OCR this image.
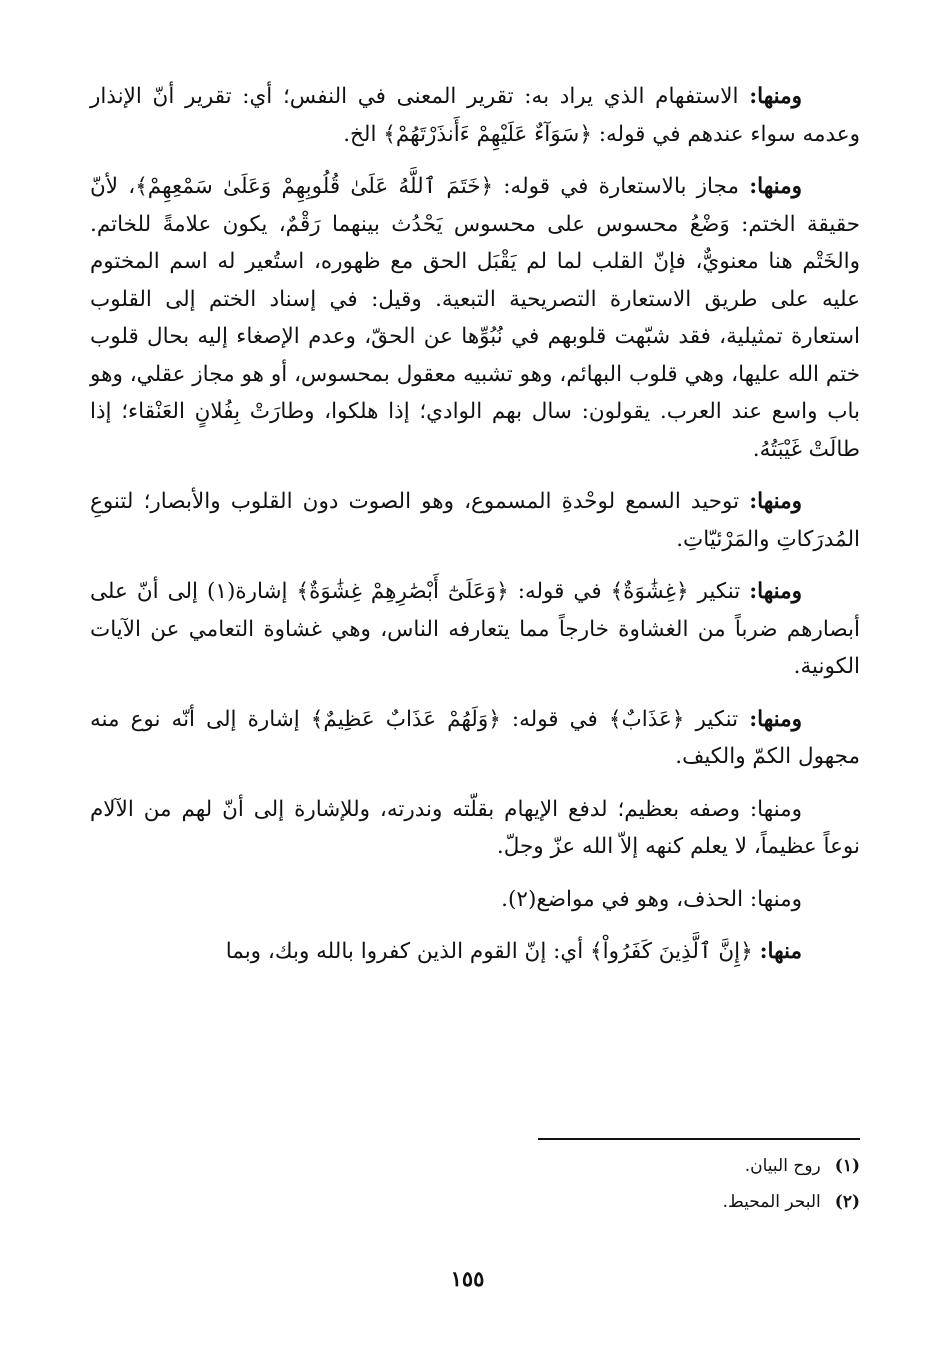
ومنها: الاستفهام الذي يراد به: تقرير المعنى في النفس؛ أي: تقرير أنّ الإنذار وعدمه سواء عندهم في قوله: ﴿سَوَآءٌ عَلَيْهِمْ ءَأَنذَرْتَهُمْ﴾ الخ.

ومنها: مجاز بالاستعارة في قوله: ﴿خَتَمَ ٱللَّهُ عَلَىٰ قُلُوبِهِمْ وَعَلَىٰ سَمْعِهِمْ﴾، لأنّ حقيقة الختم: وَضْعُ محسوس على محسوس يَحْدُث بينهما رَقْمٌ، يكون علامةً للخاتم. والخَتْم هنا معنويٌّ، فإنّ القلب لما لم يَقْبَل الحق مع ظهوره، استُعير له اسم المختوم عليه على طريق الاستعارة التصريحية التبعية. وقيل: في إسناد الختم إلى القلوب استعارة تمثيلية، فقد شبّهت قلوبهم في نُبُوِّها عن الحقّ، وعدم الإصغاء إليه بحال قلوب ختم الله عليها، وهي قلوب البهائم، وهو تشبيه معقول بمحسوس، أو هو مجاز عقلي، وهو باب واسع عند العرب. يقولون: سال بهم الوادي؛ إذا هلكوا، وطارَتْ بِفُلانٍ العَنْقاء؛ إذا طالَتْ غَيْبَتُهُ.

ومنها: توحيد السمع لوحْدةِ المسموع، وهو الصوت دون القلوب والأبصار؛ لتنوعِ المُدرَكاتِ والمَرْئيّاتِ.

ومنها: تنكير ﴿غِشَٰوَةٌ﴾ في قوله: ﴿وَعَلَىٰٓ أَبْصَٰرِهِمْ غِشَٰوَةٌ﴾ إشارة(١) إلى أنّ على أبصارهم ضرباً من الغشاوة خارجاً مما يتعارفه الناس، وهي غشاوة التعامي عن الآيات الكونية.

ومنها: تنكير ﴿عَذَابٌ﴾ في قوله: ﴿وَلَهُمْ عَذَابٌ عَظِيمٌ﴾ إشارة إلى أنّه نوع منه مجهول الكمّ والكيف.

ومنها: وصفه بعظيم؛ لدفع الإيهام بقلّته وندرته، وللإشارة إلى أنّ لهم من الآلام نوعاً عظيماً، لا يعلم كنهه إلاّ الله عزّ وجلّ.

ومنها: الحذف، وهو في مواضع(٢).

منها: ﴿إِنَّ ٱلَّذِينَ كَفَرُواْ﴾ أي: إنّ القوم الذين كفروا بالله وبك، وبما

(١)روح البيان.

(٢)البحر المحيط.

١٥٥
